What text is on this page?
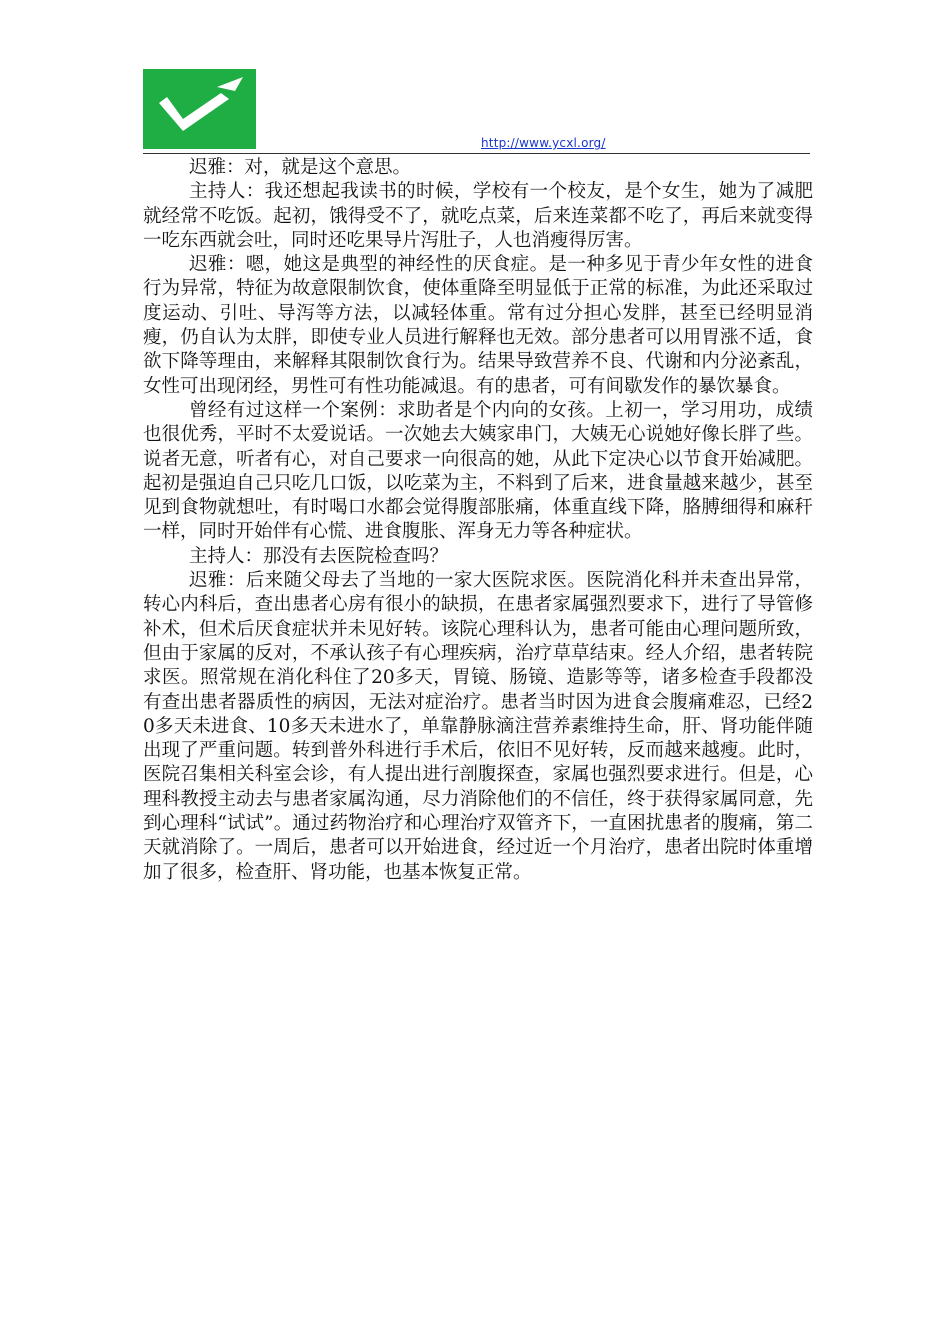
http://www.ycxl.org/

迟雅：对，就是这个意思。

主持人：我还想起我读书的时候，学校有一个校友，是个女生，她为了减肥就经常不吃饭。起初，饿得受不了，就吃点菜，后来连菜都不吃了，再后来就变得一吃东西就会吐，同时还吃果导片泻肚子，人也消瘦得厉害。

迟雅：嗯，她这是典型的神经性的厌食症。是一种多见于青少年女性的进食行为异常，特征为故意限制饮食，使体重降至明显低于正常的标准，为此还采取过度运动、引吐、导泻等方法，以减轻体重。常有过分担心发胖，甚至已经明显消瘦，仍自认为太胖，即使专业人员进行解释也无效。部分患者可以用胃涨不适，食欲下降等理由，来解释其限制饮食行为。结果导致营养不良、代谢和内分泌紊乱，女性可出现闭经，男性可有性功能减退。有的患者，可有间歇发作的暴饮暴食。

曾经有过这样一个案例：求助者是个内向的女孩。上初一，学习用功，成绩也很优秀，平时不太爱说话。一次她去大姨家串门，大姨无心说她好像长胖了些。说者无意，听者有心，对自己要求一向很高的她，从此下定决心以节食开始减肥。起初是强迫自己只吃几口饭，以吃菜为主，不料到了后来，进食量越来越少，甚至见到食物就想吐，有时喝口水都会觉得腹部胀痛，体重直线下降，胳膊细得和麻秆一样，同时开始伴有心慌、进食腹胀、浑身无力等各种症状。

主持人：那没有去医院检查吗？

迟雅：后来随父母去了当地的一家大医院求医。医院消化科并未查出异常，转心内科后，查出患者心房有很小的缺损，在患者家属强烈要求下，进行了导管修补术，但术后厌食症状并未见好转。该院心理科认为，患者可能由心理问题所致，但由于家属的反对，不承认孩子有心理疾病，治疗草草结束。经人介绍，患者转院求医。照常规在消化科住了20多天，胃镜、肠镜、造影等等，诸多检查手段都没有查出患者器质性的病因，无法对症治疗。患者当时因为进食会腹痛难忍，已经20多天未进食、10多天未进水了，单靠静脉滴注营养素维持生命，肝、肾功能伴随出现了严重问题。转到普外科进行手术后，依旧不见好转，反而越来越瘦。此时，医院召集相关科室会诊，有人提出进行剖腹探查，家属也强烈要求进行。但是，心理科教授主动去与患者家属沟通，尽力消除他们的不信任，终于获得家属同意，先到心理科“试试”。通过药物治疗和心理治疗双管齐下，一直困扰患者的腹痛，第二天就消除了。一周后，患者可以开始进食，经过近一个月治疗，患者出院时体重增加了很多，检查肝、肾功能，也基本恢复正常。
